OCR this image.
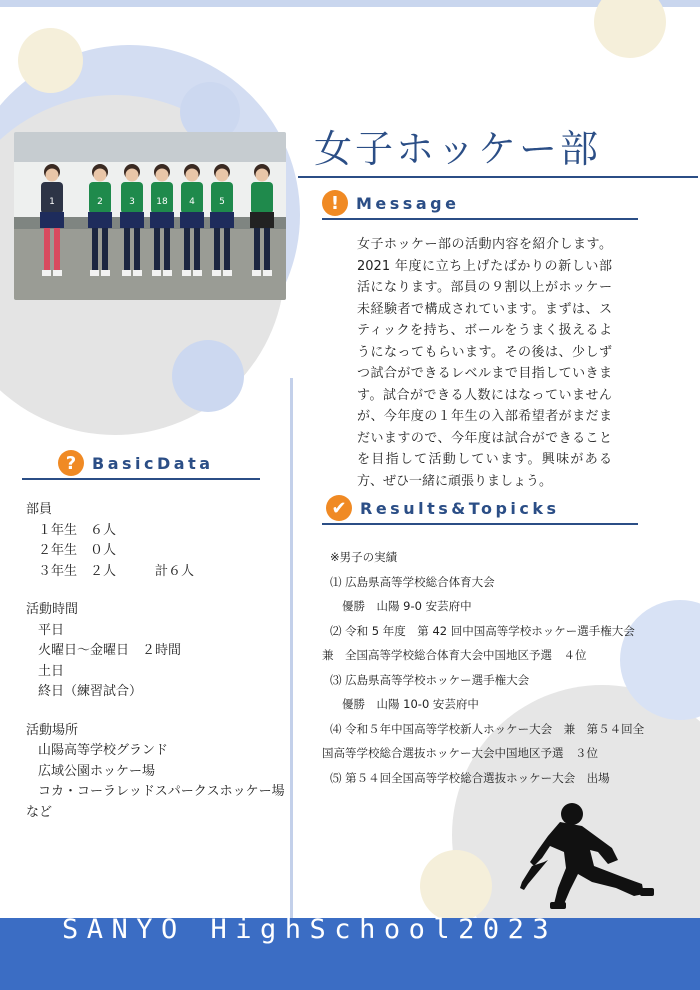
1	2	3 18 4	5
女子ホッケー部
!	Message
女子ホッケー部の活動内容を紹介します。2021 年度に立ち上げたばかりの新しい部活になります。部員の９割以上がホッケー未経験者で構成されています。まずは、スティックを持ち、ボールをうまく扱えるようになってもらいます。その後は、少しずつ試合ができるレベルまで目指していきます。試合ができる人数にはなっていませんが、今年度の１年生の入部希望者がまだまだいますので、今年度は試合ができることを目指して活動しています。興味がある方、ぜひ一緒に頑張りましょう。
? BasicData
部員
１年生　６人
２年生　０人
３年生　２人　　　計６人
活動時間
平日
火曜日～金曜日　２時間
土日
終日（練習試合）
活動場所
山陽高等学校グランド
広域公園ホッケー場
コカ・コーラレッドスパークスホッケー場
など
✔ Results&Topicks
※男子の実績
⑴ 広島県高等学校総合体育大会
優勝　山陽 9-0 安芸府中
⑵ 令和 5 年度　第 42 回中国高等学校ホッケー選手権大会
兼　全国高等学校総合体育大会中国地区予選　４位
⑶ 広島県高等学校ホッケー選手権大会
優勝　山陽 10-0 安芸府中
⑷ 令和５年中国高等学校新人ホッケー大会　兼　第５４回全
国高等学校総合選抜ホッケー大会中国地区予選　３位
⑸ 第５４回全国高等学校総合選抜ホッケー大会　出場
SANYO HighSchool2023
